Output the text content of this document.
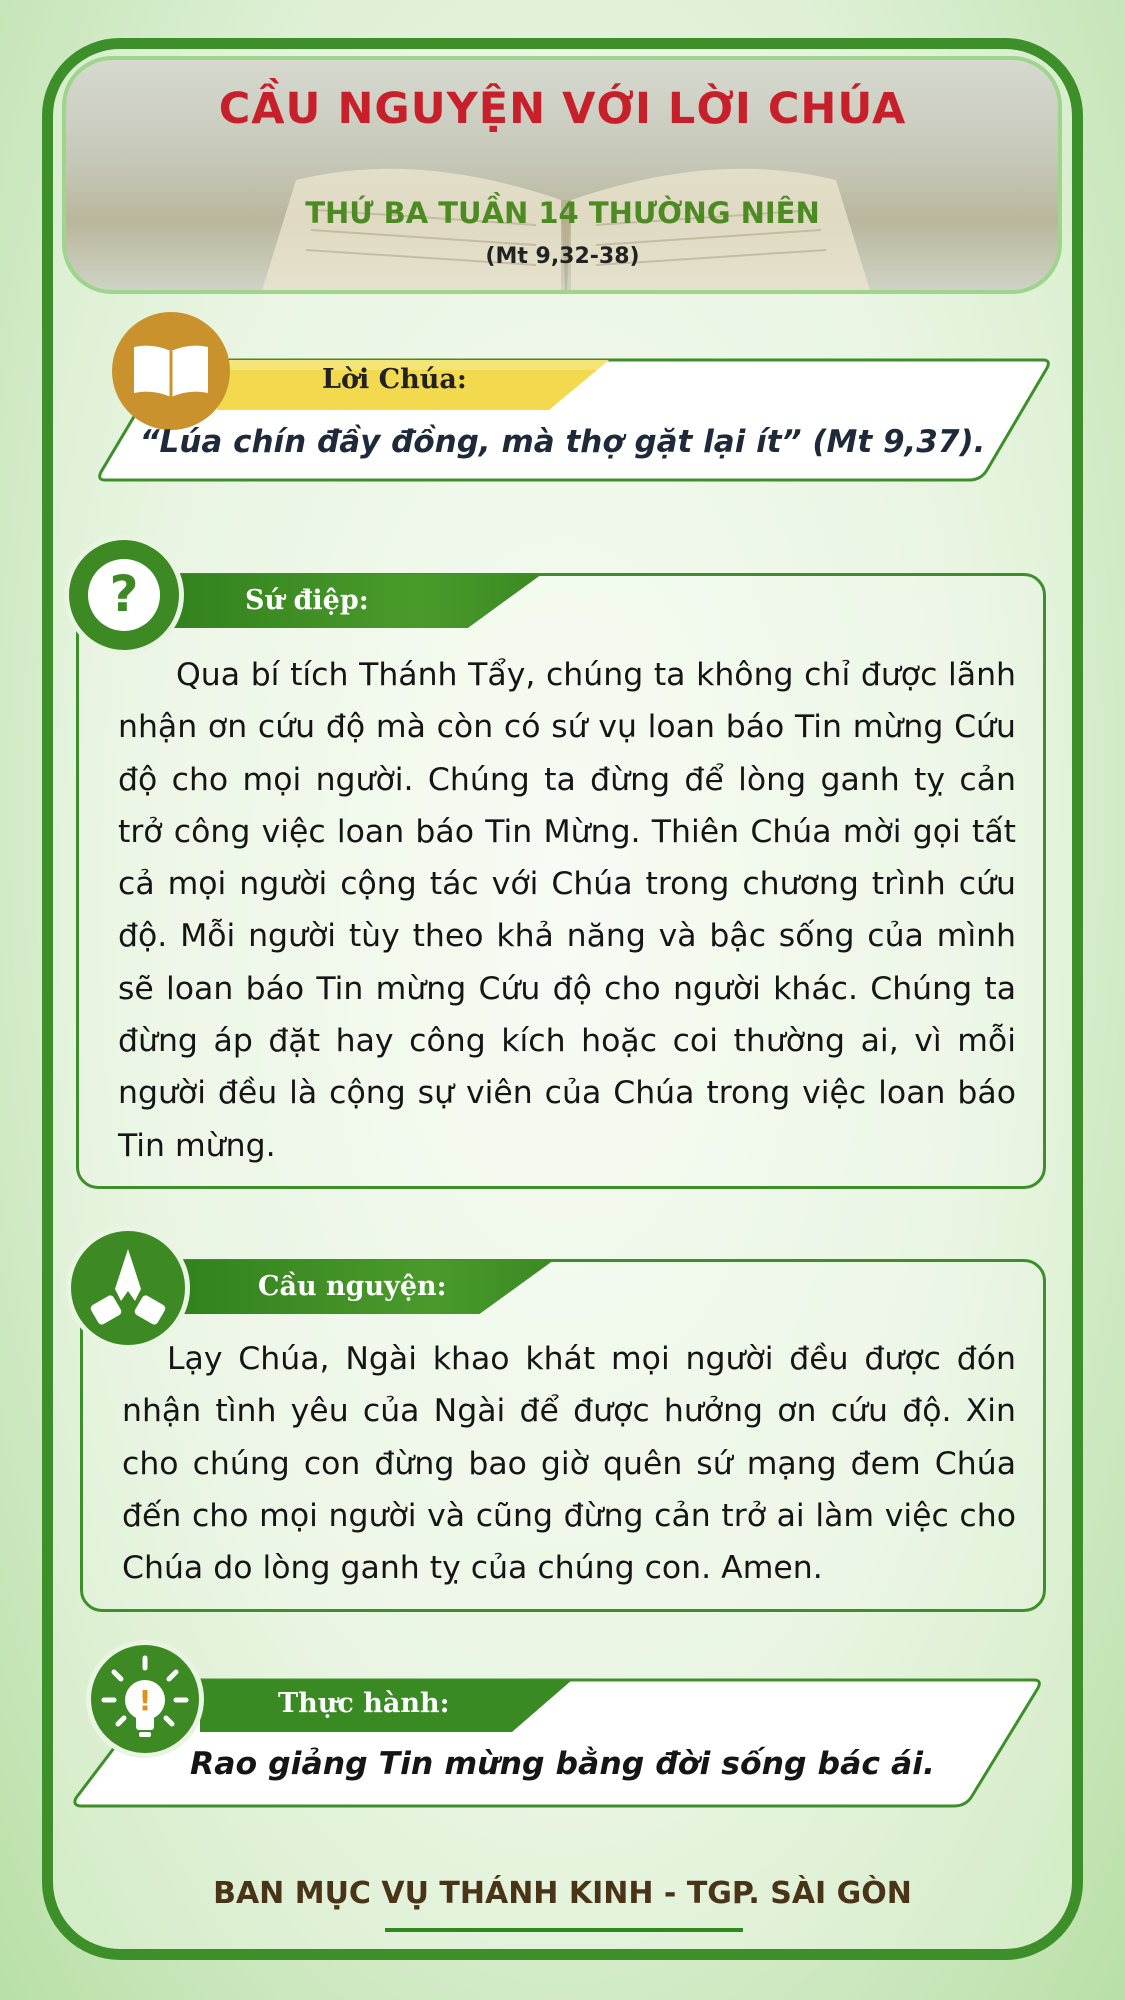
CẦU NGUYỆN VỚI LỜI CHÚA
THỨ BA TUẦN 14 THƯỜNG NIÊN
(Mt 9,32-38)
Lời Chúa:
“Lúa chín đầy đồng, mà thợ gặt lại ít” (Mt 9,37).
?	Sứ điệp:
Qua bí tích Thánh Tẩy, chúng ta không chỉ được lãnh nhận ơn cứu độ mà còn có sứ vụ loan báo Tin mừng Cứu độ cho mọi người. Chúng ta đừng để lòng ganh tỵ cản trở công việc loan báo Tin Mừng. Thiên Chúa mời gọi tất cả mọi người cộng tác với Chúa trong chương trình cứu độ. Mỗi người tùy theo khả năng và bậc sống của mình sẽ loan báo Tin mừng Cứu độ cho người khác. Chúng ta đừng áp đặt hay công kích hoặc coi thường ai, vì mỗi người đều là cộng sự viên của Chúa trong việc loan báo Tin mừng.
Cầu nguyện:
Lạy Chúa, Ngài khao khát mọi người đều được đón nhận tình yêu của Ngài để được hưởng ơn cứu độ. Xin cho chúng con đừng bao giờ quên sứ mạng đem Chúa đến cho mọi người và cũng đừng cản trở ai làm việc cho Chúa do lòng ganh tỵ của chúng con. Amen.
!	Thực hành:
Rao giảng Tin mừng bằng đời sống bác ái.
BAN MỤC VỤ THÁNH KINH - TGP. SÀI GÒN
